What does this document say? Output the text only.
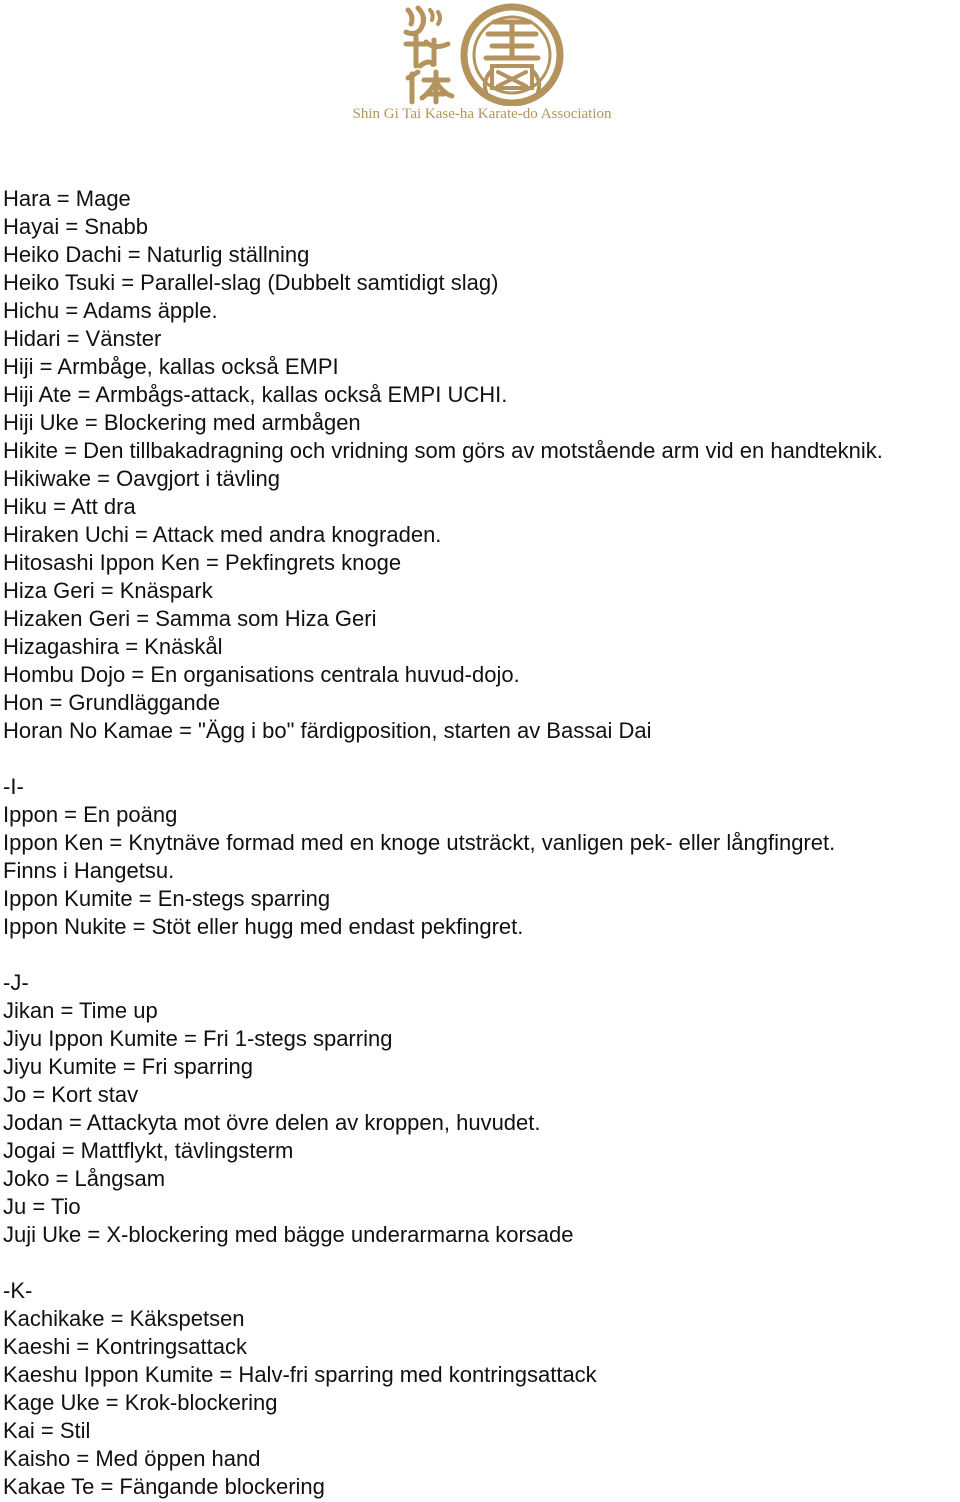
Shin Gi Tai Kase-ha Karate-do Association
Hara = Mage
Hayai = Snabb
Heiko Dachi = Naturlig ställning
Heiko Tsuki = Parallel-slag (Dubbelt samtidigt slag)
Hichu = Adams äpple.
Hidari = Vänster
Hiji = Armbåge, kallas också EMPI
Hiji Ate = Armbågs-attack, kallas också EMPI UCHI.
Hiji Uke = Blockering med armbågen
Hikite = Den tillbakadragning och vridning som görs av motstående arm vid en handteknik.
Hikiwake = Oavgjort i tävling
Hiku = Att dra
Hiraken Uchi = Attack med andra knograden.
Hitosashi Ippon Ken = Pekfingrets knoge
Hiza Geri = Knäspark
Hizaken Geri = Samma som Hiza Geri
Hizagashira = Knäskål
Hombu Dojo = En organisations centrala huvud-dojo.
Hon = Grundläggande
Horan No Kamae = "Ägg i bo" färdigposition, starten av Bassai Dai
-I-
Ippon = En poäng
Ippon Ken = Knytnäve formad med en knoge utsträckt, vanligen pek- eller långfingret.
Finns i Hangetsu.
Ippon Kumite = En-stegs sparring
Ippon Nukite = Stöt eller hugg med endast pekfingret.
-J-
Jikan = Time up
Jiyu Ippon Kumite = Fri 1-stegs sparring
Jiyu Kumite = Fri sparring
Jo = Kort stav
Jodan = Attackyta mot övre delen av kroppen, huvudet.
Jogai = Mattflykt, tävlingsterm
Joko = Långsam
Ju = Tio
Juji Uke = X-blockering med bägge underarmarna korsade
-K-
Kachikake = Käkspetsen
Kaeshi = Kontringsattack
Kaeshu Ippon Kumite = Halv-fri sparring med kontringsattack
Kage Uke = Krok-blockering
Kai = Stil
Kaisho = Med öppen hand
Kakae Te = Fängande blockering
